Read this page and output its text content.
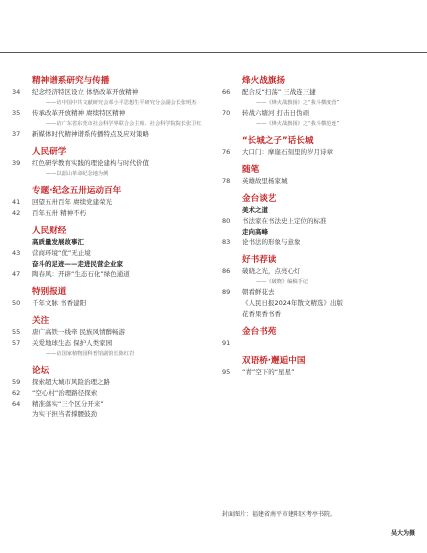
精神谱系研究与传播
34	纪念经济特区设立 体悟改革开放精神
——访中国中共文献研究会邓小平思想生平研究分会副会长张明杰
35	传承改革开放精神 赓续特区精神
——访广东省东莞市社会科学界联合会主席、社会科学院院长张卫红
37	新媒体时代精神谱系传播特点及应对策略
人民研学
39	红色研学教育实践的理论建构与时代价值
——以韶山革命纪念地为例
专题·纪念五卅运动百年
41	回望五卅百年 赓续党建荣光
42	百年五卅 精神不朽
人民财经
高质量发展故事汇
43	营商环境“优”无止境
奋斗的足迹——走进民营企业家
47	陶春风：开辟“生态石化”绿色通道
特别报道
50	千年文脉 书香建阳
关注
55	唐广高铁一线牵 民族风情醉畅游
57	关爱地球生态 保护人类家园
——访国家植物园科普馆副馆长陈红岩
论坛
59	探索超大城市风险治理之路
62	“空心村”治理路径探索
64	精准落实“三个区分开来”
为实干担当者撑腰鼓劲
烽火战旗扬
66	配合反“扫荡” 三战连三捷
——《烽火战旗扬》之“我斗横度营”
70	转战六塘河 打击日伪顽
——《烽火战旗扬》之“我斗横范连”
“长城之子”话长城
76	大口门：摩崖石刻里的岁月诗章
随笔
78	英雄故里杨家城
金台谈艺
美术之道
80	书法家在书法史上定位的标准
走向高峰
83	论书法的形象与意象
好书荐读
86	破晓之光，点亮心灯
——《破晓》编稿手记
89	朝看鲜花去
《人民日报2024年散文精选》出版
花香果香书香
金台书苑
91
双语桥·邂逅中国
95	“青”空下的“星星”
封面图片：福建省南平市建阳区考亭书院。
吴大为摄
